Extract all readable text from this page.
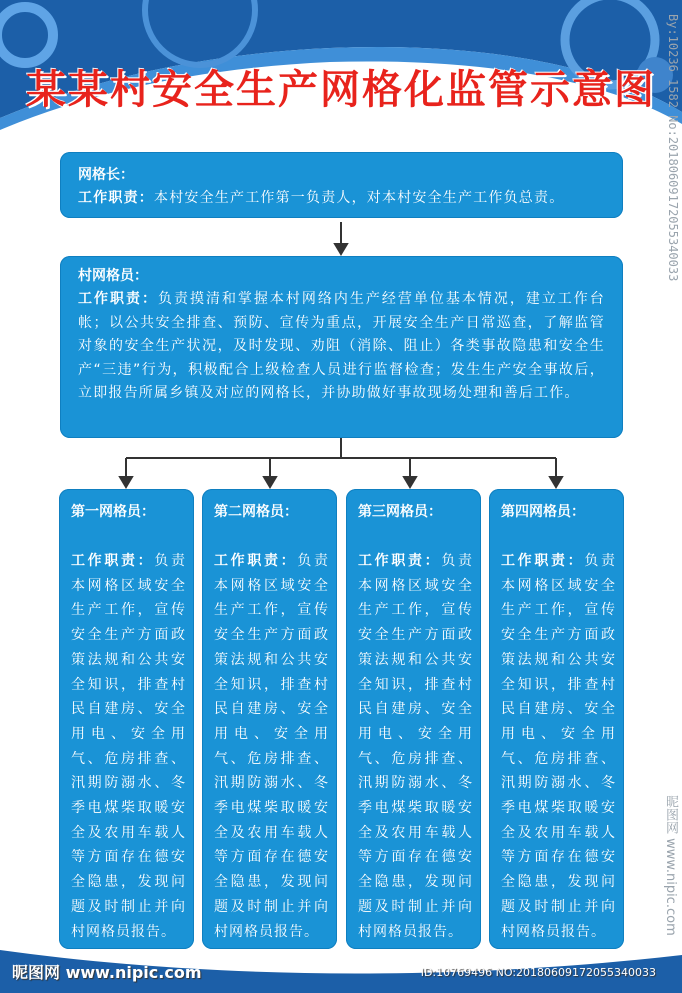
某某村安全生产网格化监管示意图
网格长：
工作职责：本村安全生产工作第一负责人，对本村安全生产工作负总责。
村网格员：
工作职责：负责摸清和掌握本村网络内生产经营单位基本情况，建立工作台帐；以公共安全排查、预防、宣传为重点，开展安全生产日常巡查，了解监管对象的安全生产状况，及时发现、劝阻（消除、阻止）各类事故隐患和安全生产“三违”行为，积极配合上级检查人员进行监督检查；发生生产安全事故后，立即报告所属乡镇及对应的网格长，并协助做好事故现场处理和善后工作。
第一网格员：
工作职责：负责本网格区域安全生产工作，宣传安全生产方面政策法规和公共安全知识，排查村民自建房、安全用电、安全用气、危房排查、汛期防溺水、冬季电煤柴取暖安全及农用车载人等方面存在德安全隐患，发现问题及时制止并向村网格员报告。
第二网格员：
工作职责：负责本网格区域安全生产工作，宣传安全生产方面政策法规和公共安全知识，排查村民自建房、安全用电、安全用气、危房排查、汛期防溺水、冬季电煤柴取暖安全及农用车载人等方面存在德安全隐患，发现问题及时制止并向村网格员报告。
第三网格员：
工作职责：负责本网格区域安全生产工作，宣传安全生产方面政策法规和公共安全知识，排查村民自建房、安全用电、安全用气、危房排查、汛期防溺水、冬季电煤柴取暖安全及农用车载人等方面存在德安全隐患，发现问题及时制止并向村网格员报告。
第四网格员：
工作职责：负责本网格区域安全生产工作，宣传安全生产方面政策法规和公共安全知识，排查村民自建房、安全用电、安全用气、危房排查、汛期防溺水、冬季电煤柴取暖安全及农用车载人等方面存在德安全隐患，发现问题及时制止并向村网格员报告。
By:10236 1582 No:20180609172055340033
昵图网 www.nipic.com
昵图网 www.nipic.com	ID:10769496 NO:20180609172055340033
